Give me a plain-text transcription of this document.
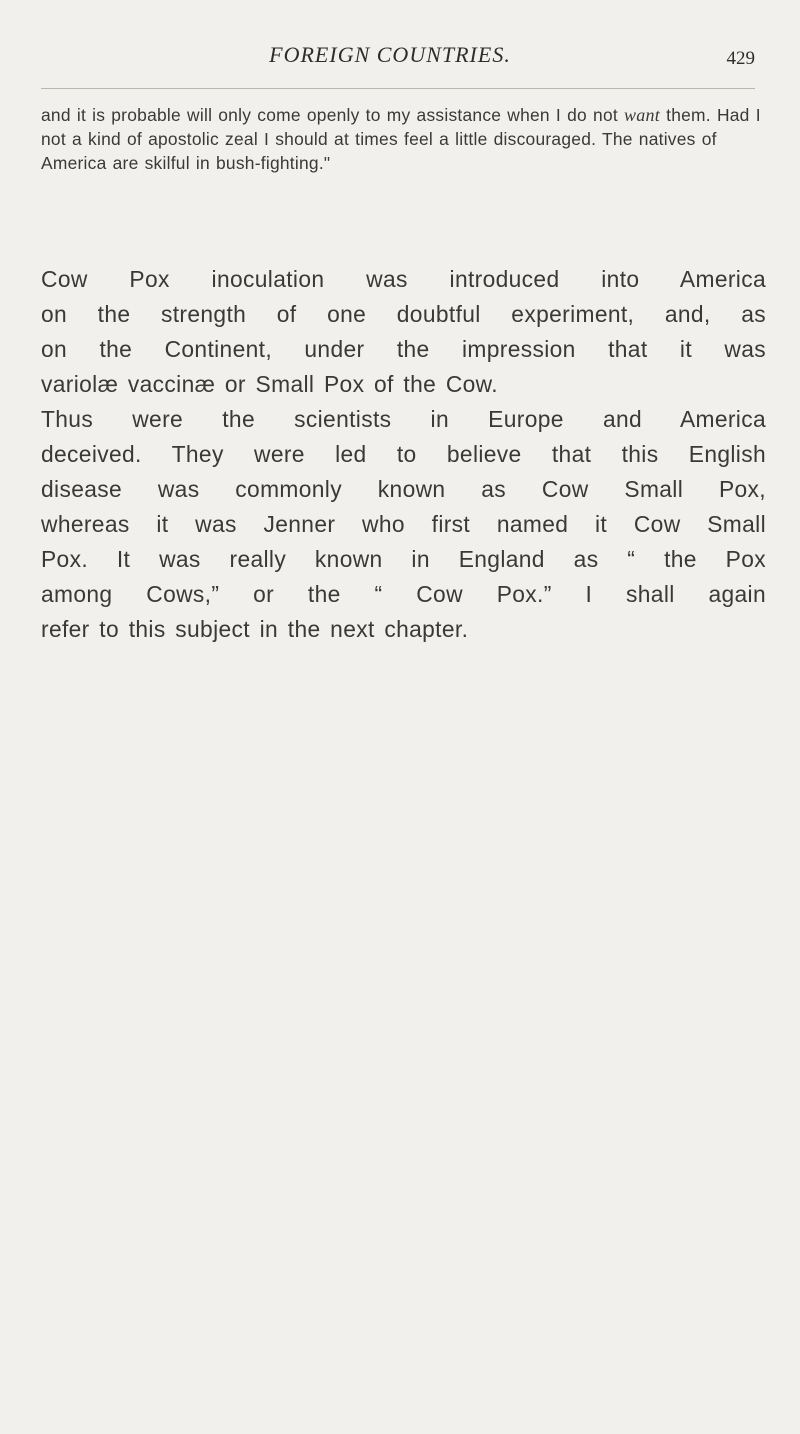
FOREIGN COUNTRIES.	429

and it is probable will only come openly to my assistance when I do not want them. Had I not a kind of apostolic zeal I should at times feel a little discouraged. The natives of America are skilful in bush-fighting."

Cow Pox inoculation was introduced into America
on the strength of one doubtful experiment, and, as
on the Continent, under the impression that it was
variolæ vaccinæ or Small Pox of the Cow.
Thus were the scientists in Europe and America
deceived. They were led to believe that this English
disease was commonly known as Cow Small Pox,
whereas it was Jenner who first named it Cow Small
Pox. It was really known in England as “ the Pox
among Cows,” or the “ Cow Pox.” I shall again
refer to this subject in the next chapter.
